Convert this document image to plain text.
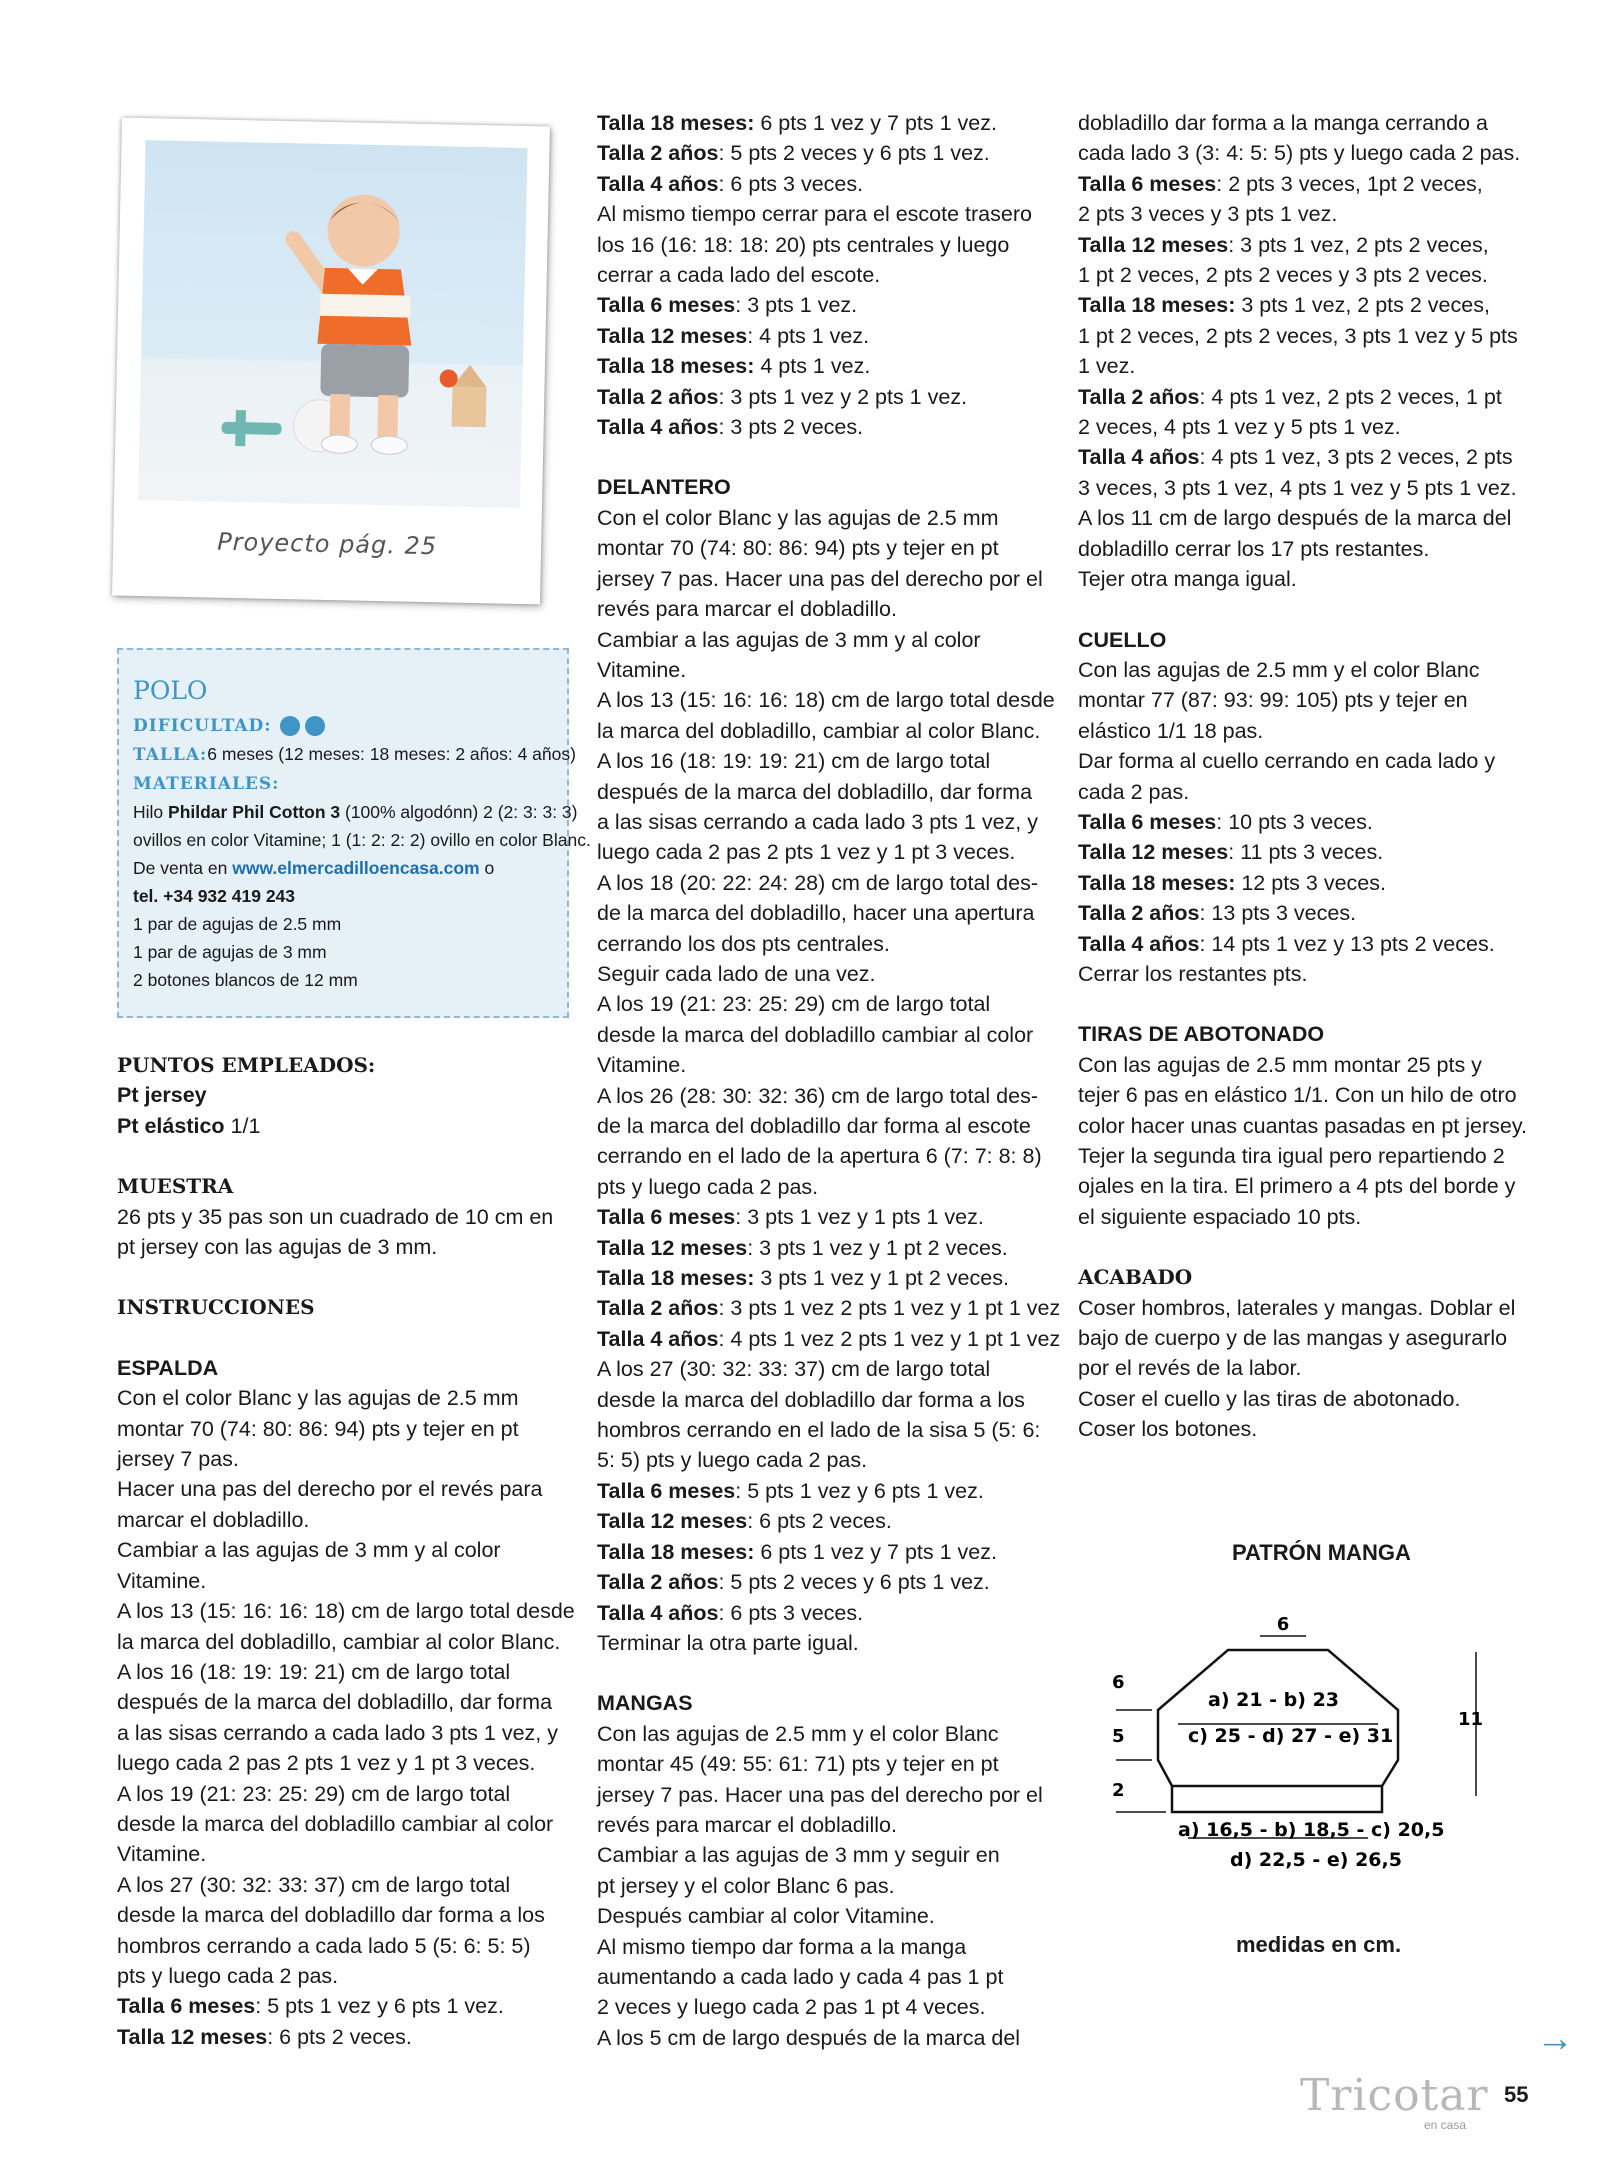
Proyecto pág. 25
POLO
DIFICULTAD:
TALLA:6 meses (12 meses: 18 meses: 2 años: 4 años)
MATERIALES:
Hilo Phildar Phil Cotton 3 (100% algodónn) 2 (2: 3: 3: 3)
ovillos en color Vitamine; 1 (1: 2: 2: 2) ovillo en color Blanc.
De venta en www.elmercadilloencasa.com o
tel. +34 932 419 243
1 par de agujas de 2.5 mm
1 par de agujas de 3 mm
2 botones blancos de 12 mm
PUNTOS EMPLEADOS:
Pt jersey
Pt elástico 1/1
MUESTRA
26 pts y 35 pas son un cuadrado de 10 cm en
pt jersey con las agujas de 3 mm.
INSTRUCCIONES
ESPALDA
Con el color Blanc y las agujas de 2.5 mm
montar 70 (74: 80: 86: 94) pts y tejer en pt
jersey 7 pas.
Hacer una pas del derecho por el revés para
marcar el dobladillo.
Cambiar a las agujas de 3 mm y al color
Vitamine.
A los 13 (15: 16: 16: 18) cm de largo total desde
la marca del dobladillo, cambiar al color Blanc.
A los 16 (18: 19: 19: 21) cm de largo total
después de la marca del dobladillo, dar forma
a las sisas cerrando a cada lado 3 pts 1 vez, y
luego cada 2 pas 2 pts 1 vez y 1 pt 3 veces.
A los 19 (21: 23: 25: 29) cm de largo total
desde la marca del dobladillo cambiar al color
Vitamine.
A los 27 (30: 32: 33: 37) cm de largo total
desde la marca del dobladillo dar forma a los
hombros cerrando a cada lado 5 (5: 6: 5: 5)
pts y luego cada 2 pas.
Talla 6 meses: 5 pts 1 vez y 6 pts 1 vez.
Talla 12 meses: 6 pts 2 veces.
Talla 18 meses: 6 pts 1 vez y 7 pts 1 vez.
Talla 2 años: 5 pts 2 veces y 6 pts 1 vez.
Talla 4 años: 6 pts 3 veces.
Al mismo tiempo cerrar para el escote trasero
los 16 (16: 18: 18: 20) pts centrales y luego
cerrar a cada lado del escote.
Talla 6 meses: 3 pts 1 vez.
Talla 12 meses: 4 pts 1 vez.
Talla 18 meses: 4 pts 1 vez.
Talla 2 años: 3 pts 1 vez y 2 pts 1 vez.
Talla 4 años: 3 pts 2 veces.
DELANTERO
Con el color Blanc y las agujas de 2.5 mm
montar 70 (74: 80: 86: 94) pts y tejer en pt
jersey 7 pas. Hacer una pas del derecho por el
revés para marcar el dobladillo.
Cambiar a las agujas de 3 mm y al color
Vitamine.
A los 13 (15: 16: 16: 18) cm de largo total desde
la marca del dobladillo, cambiar al color Blanc.
A los 16 (18: 19: 19: 21) cm de largo total
después de la marca del dobladillo, dar forma
a las sisas cerrando a cada lado 3 pts 1 vez, y
luego cada 2 pas 2 pts 1 vez y 1 pt 3 veces.
A los 18 (20: 22: 24: 28) cm de largo total des-
de la marca del dobladillo, hacer una apertura
cerrando los dos pts centrales.
Seguir cada lado de una vez.
A los 19 (21: 23: 25: 29) cm de largo total
desde la marca del dobladillo cambiar al color
Vitamine.
A los 26 (28: 30: 32: 36) cm de largo total des-
de la marca del dobladillo dar forma al escote
cerrando en el lado de la apertura 6 (7: 7: 8: 8)
pts y luego cada 2 pas.
Talla 6 meses: 3 pts 1 vez y 1 pts 1 vez.
Talla 12 meses: 3 pts 1 vez y 1 pt 2 veces.
Talla 18 meses: 3 pts 1 vez y 1 pt 2 veces.
Talla 2 años: 3 pts 1 vez 2 pts 1 vez y 1 pt 1 vez
Talla 4 años: 4 pts 1 vez 2 pts 1 vez y 1 pt 1 vez
A los 27 (30: 32: 33: 37) cm de largo total
desde la marca del dobladillo dar forma a los
hombros cerrando en el lado de la sisa 5 (5: 6:
5: 5) pts y luego cada 2 pas.
Talla 6 meses: 5 pts 1 vez y 6 pts 1 vez.
Talla 12 meses: 6 pts 2 veces.
Talla 18 meses: 6 pts 1 vez y 7 pts 1 vez.
Talla 2 años: 5 pts 2 veces y 6 pts 1 vez.
Talla 4 años: 6 pts 3 veces.
Terminar la otra parte igual.
MANGAS
Con las agujas de 2.5 mm y el color Blanc
montar 45 (49: 55: 61: 71) pts y tejer en pt
jersey 7 pas. Hacer una pas del derecho por el
revés para marcar el dobladillo.
Cambiar a las agujas de 3 mm y seguir en
pt jersey y el color Blanc 6 pas.
Después cambiar al color Vitamine.
Al mismo tiempo dar forma a la manga
aumentando a cada lado y cada 4 pas 1 pt
2 veces y luego cada 2 pas 1 pt 4 veces.
A los 5 cm de largo después de la marca del
dobladillo dar forma a la manga cerrando a
cada lado 3 (3: 4: 5: 5) pts y luego cada 2 pas.
Talla 6 meses: 2 pts 3 veces, 1pt 2 veces,
2 pts 3 veces y 3 pts 1 vez.
Talla 12 meses: 3 pts 1 vez, 2 pts 2 veces,
1 pt 2 veces, 2 pts 2 veces y 3 pts 2 veces.
Talla 18 meses: 3 pts 1 vez, 2 pts 2 veces,
1 pt 2 veces, 2 pts 2 veces, 3 pts 1 vez y 5 pts
1 vez.
Talla 2 años: 4 pts 1 vez, 2 pts 2 veces, 1 pt
2 veces, 4 pts 1 vez y 5 pts 1 vez.
Talla 4 años: 4 pts 1 vez, 3 pts 2 veces, 2 pts
3 veces, 3 pts 1 vez, 4 pts 1 vez y 5 pts 1 vez.
A los 11 cm de largo después de la marca del
dobladillo cerrar los 17 pts restantes.
Tejer otra manga igual.
CUELLO
Con las agujas de 2.5 mm y el color Blanc
montar 77 (87: 93: 99: 105) pts y tejer en
elástico 1/1 18 pas.
Dar forma al cuello cerrando en cada lado y
cada 2 pas.
Talla 6 meses: 10 pts 3 veces.
Talla 12 meses: 11 pts 3 veces.
Talla 18 meses: 12 pts 3 veces.
Talla 2 años: 13 pts 3 veces.
Talla 4 años: 14 pts 1 vez y 13 pts 2 veces.
Cerrar los restantes pts.
TIRAS DE ABOTONADO
Con las agujas de 2.5 mm montar 25 pts y
tejer 6 pas en elástico 1/1. Con un hilo de otro
color hacer unas cuantas pasadas en pt jersey.
Tejer la segunda tira igual pero repartiendo 2
ojales en la tira. El primero a 4 pts del borde y
el siguiente espaciado 10 pts.
ACABADO
Coser hombros, laterales y mangas. Doblar el
bajo de cuerpo y de las mangas y asegurarlo
por el revés de la labor.
Coser el cuello y las tiras de abotonado.
Coser los botones.
PATRÓN MANGA
6
6
5
2
11
a) 21 - b) 23
c) 25 - d) 27 - e) 31
a) 16,5 - b) 18,5 - c) 20,5
d) 22,5 - e) 26,5
medidas en cm.
→
Tricotar
en casa
55
